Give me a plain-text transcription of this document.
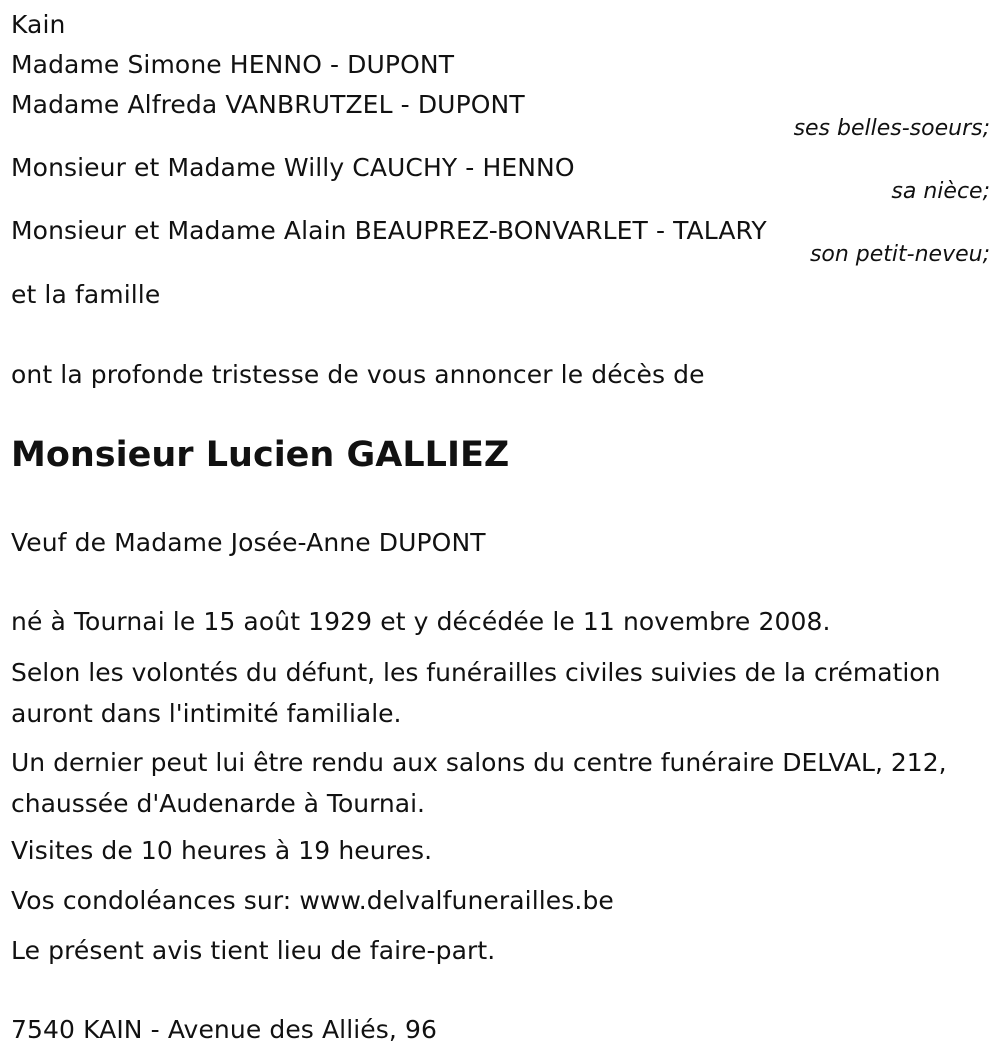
Kain
Madame Simone HENNO - DUPONT
Madame Alfreda VANBRUTZEL - DUPONT
ses belles-soeurs;
Monsieur et Madame Willy CAUCHY - HENNO
sa nièce;
Monsieur et Madame Alain BEAUPREZ-BONVARLET - TALARY
son petit-neveu;
et la famille
ont la profonde tristesse de vous annoncer le décès de
Monsieur Lucien GALLIEZ
Veuf de Madame Josée-Anne DUPONT
né à Tournai le 15 août 1929 et y décédée le 11 novembre 2008.
Selon les volontés du défunt, les funérailles civiles suivies de la crémation auront dans l'intimité familiale.
Un dernier peut lui être rendu aux salons du centre funéraire DELVAL, 212, chaussée d'Audenarde à Tournai.
Visites de 10 heures à 19 heures.
Vos condoléances sur: www.delvalfunerailles.be
Le présent avis tient lieu de faire-part.
7540 KAIN - Avenue des Alliés, 96
